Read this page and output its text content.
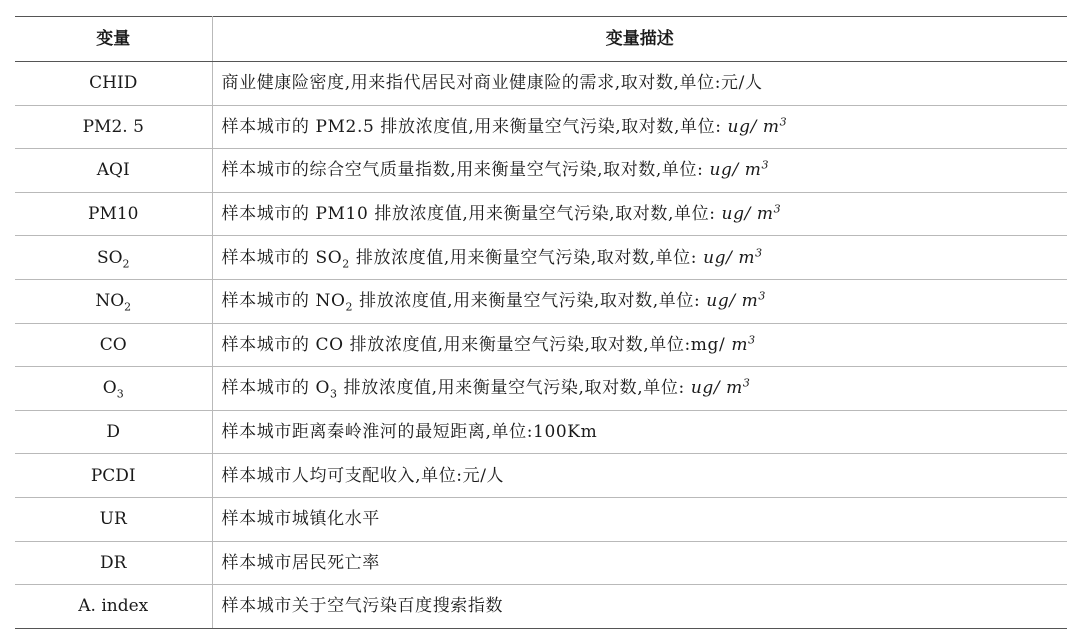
变量	变量描述
CHID	商业健康险密度,用来指代居民对商业健康险的需求,取对数,单位:元/人
PM2. 5	样本城市的 PM2.5 排放浓度值,用来衡量空气污染,取对数,单位: ug/ $m^3$
AQI	样本城市的综合空气质量指数,用来衡量空气污染,取对数,单位: ug/ $m^3$
PM10	样本城市的 PM10 排放浓度值,用来衡量空气污染,取对数,单位: ug/ $m^3$
$SO_2$	样本城市的 $SO_2$ 排放浓度值,用来衡量空气污染,取对数,单位: ug/ $m^3$
$NO_2$	样本城市的 $NO_2$ 排放浓度值,用来衡量空气污染,取对数,单位: ug/ $m^3$
CO	样本城市的 CO 排放浓度值,用来衡量空气污染,取对数,单位:mg/ $m^3$
$O_3$	样本城市的 $O_3$ 排放浓度值,用来衡量空气污染,取对数,单位: ug/ $m^3$
D	样本城市距离秦岭淮河的最短距离,单位:100Km
PCDI	样本城市人均可支配收入,单位:元/人
UR	样本城市城镇化水平
DR	样本城市居民死亡率
A. index	样本城市关于空气污染百度搜索指数
